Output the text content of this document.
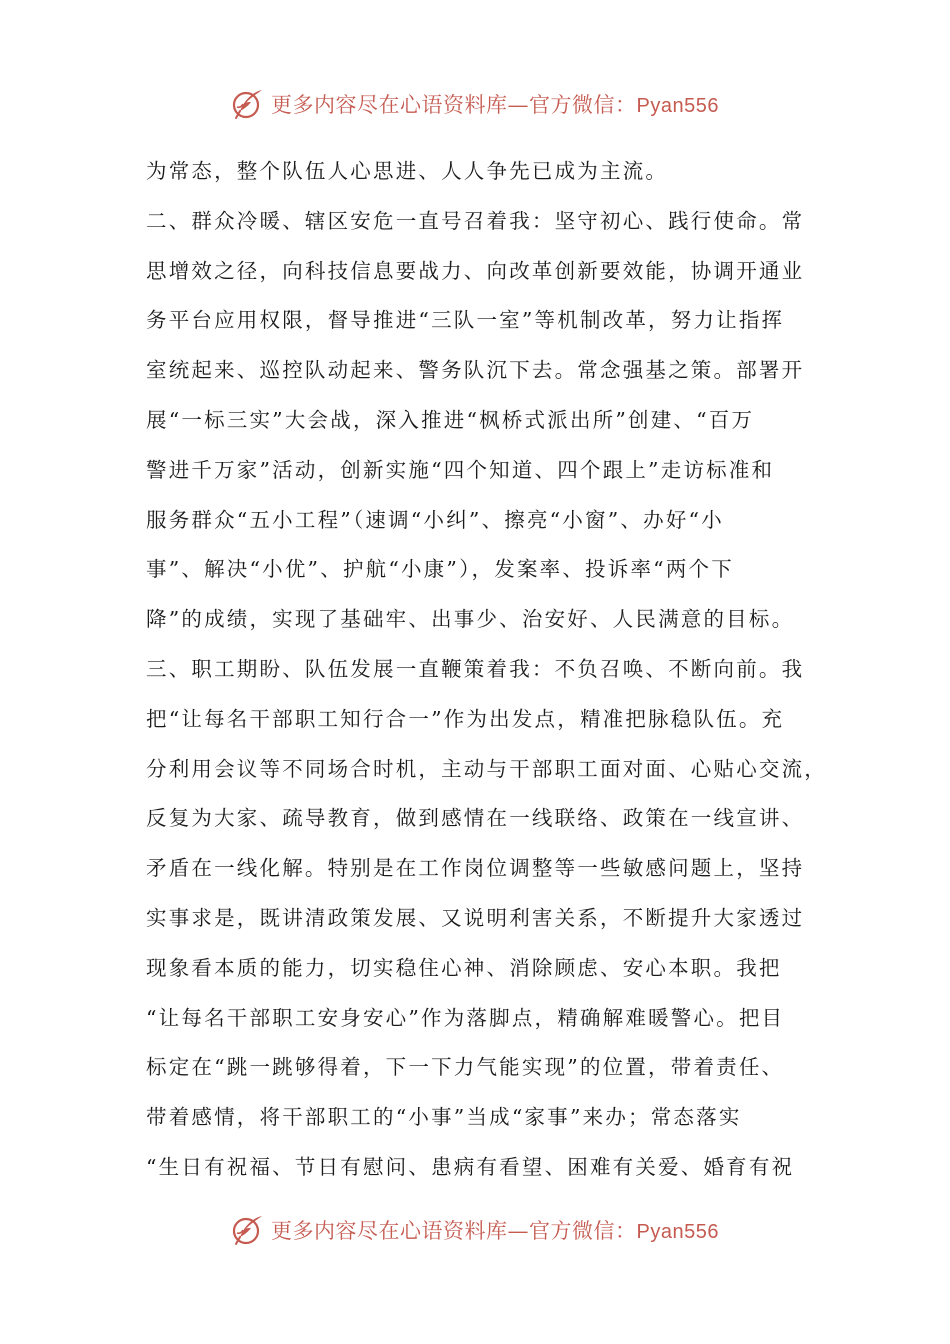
更多内容尽在心语资料库—官方微信：Pyan556
为常态，整个队伍人心思进、人人争先已成为主流。
二、群众冷暖、辖区安危一直号召着我：坚守初心、践行使命。常
思增效之径，向科技信息要战力、向改革创新要效能，协调开通业
务平台应用权限，督导推进“三队一室”等机制改革，努力让指挥
室统起来、巡控队动起来、警务队沉下去。常念强基之策。部署开
展“一标三实”大会战，深入推进“枫桥式派出所”创建、“百万
警进千万家”活动，创新实施“四个知道、四个跟上”走访标准和
服务群众“五小工程”（速调“小纠”、擦亮“小窗”、办好“小
事”、解决“小优”、护航“小康”），发案率、投诉率“两个下
降”的成绩，实现了基础牢、出事少、治安好、人民满意的目标。
三、职工期盼、队伍发展一直鞭策着我：不负召唤、不断向前。我
把“让每名干部职工知行合一”作为出发点，精准把脉稳队伍。充
分利用会议等不同场合时机，主动与干部职工面对面、心贴心交流，
反复为大家、疏导教育，做到感情在一线联络、政策在一线宣讲、
矛盾在一线化解。特别是在工作岗位调整等一些敏感问题上，坚持
实事求是，既讲清政策发展、又说明利害关系，不断提升大家透过
现象看本质的能力，切实稳住心神、消除顾虑、安心本职。我把
“让每名干部职工安身安心”作为落脚点，精确解难暖警心。把目
标定在“跳一跳够得着，下一下力气能实现”的位置，带着责任、
带着感情，将干部职工的“小事”当成“家事”来办；常态落实
“生日有祝福、节日有慰问、患病有看望、困难有关爱、婚育有祝
更多内容尽在心语资料库—官方微信：Pyan556
